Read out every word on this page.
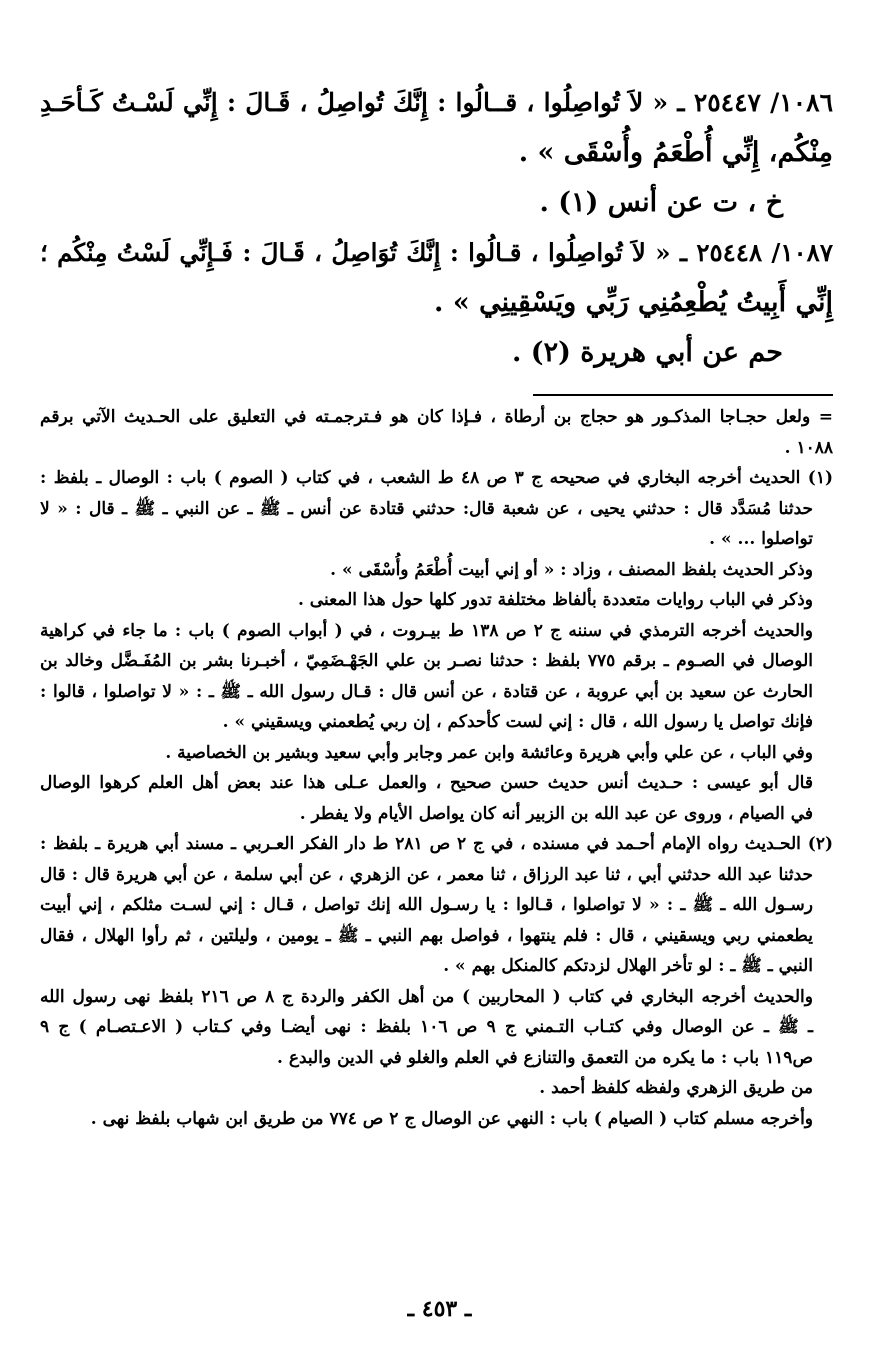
١٠٨٦/ ٢٥٤٤٧ ـ « لاَ تُواصِلُوا ، قــالُوا : إِنَّكَ تُواصِلُ ، قَـالَ : إِنِّي لَسْـتُ كَـأحَـدِ
مِنْكُم، إِنِّي أُطْعَمُ وأُسْقَى » .
خ ، ت عن أنس (١) .
١٠٨٧/ ٢٥٤٤٨ ـ « لاَ تُواصِلُوا ، قـالُوا : إِنَّكَ تُوَاصِلُ ، قَـالَ : فَـإِنِّي لَسْتُ مِنْكُم ؛
إِنِّي أَبِيتُ يُطْعِمُنِي رَبِّي ويَسْقِينِي » .
حم عن أبي هريرة (٢) .
= ولعل حجـاجا المذكـور هو حجاج بن أرطاة ، فـإذا كان هو فـترجمـته في التعليق على الحـديث الآتي برقم
١٠٨٨ .
(١) الحديث أخرجه البخاري في صحيحه ج ٣ ص ٤٨ ط الشعب ، في كتاب ( الصوم ) باب : الوصال ـ بلفظ :
حدثنا مُسَدَّد قال : حدثني يحيى ، عن شعبة قال: حدثني قتادة عن أنس ـ ﷺ ـ عن النبي ـ ﷺ ـ قال : « لا
تواصلوا ... » .
وذكر الحديث بلفظ المصنف ، وزاد : « أو إني أبيت أُطْعَمُ وأُسْقَى » .
وذكر في الباب روايات متعددة بألفاظ مختلفة تدور كلها حول هذا المعنى .
والحديث أخرجه الترمذي في سننه ج ٢ ص ١٣٨ ط بيـروت ، في ( أبواب الصوم ) باب : ما جاء في كراهية
الوصال في الصـوم ـ برقم ٧٧٥ بلفظ : حدثنا نصـر بن علي الجَهْـضَمِيّ ، أخبـرنا بشر بن المُفَـضَّل وخالد بن
الحارث عن سعيد بن أبي عروبة ، عن قتادة ، عن أنس قال : قـال رسول الله ـ ﷺ ـ : « لا تواصلوا ، قالوا :
فإنك تواصل يا رسول الله ، قال : إني لست كأحدكم ، إن ربي يُطعمني ويسقيني » .
وفي الباب ، عن علي وأبي هريرة وعائشة وابن عمر وجابر وأبي سعيد وبشير بن الخصاصية .
قال أبو عيسى : حـديث أنس حديث حسن صحيح ، والعمل عـلى هذا عند بعض أهل العلم كرهوا الوصال
في الصيام ، وروى عن عبد الله بن الزبير أنه كان يواصل الأيام ولا يفطر .
(٢) الحـديث رواه الإمام أحـمد في مسنده ، في ج ٢ ص ٢٨١ ط دار الفكر العـربي ـ مسند أبي هريرة ـ بلفظ :
حدثنا عبد الله حدثني أبي ، ثنا عبد الرزاق ، ثنا معمر ، عن الزهري ، عن أبي سلمة ، عن أبي هريرة قال : قال
رسـول الله ـ ﷺ ـ : « لا تواصلوا ، قـالوا : يا رسـول الله إنك تواصل ، قـال : إني لسـت مثلكم ، إني أبيت
يطعمني ربي ويسقيني ، قال : فلم ينتهوا ، فواصل بهم النبي ـ ﷺ ـ يومين ، وليلتين ، ثم رأوا الهلال ، فقال
النبي ـ ﷺ ـ : لو تأخر الهلال لزدتكم كالمنكل بهم » .
والحديث أخرجه البخاري في كتاب ( المحاربين ) من أهل الكفر والردة ج ٨ ص ٢١٦ بلفظ نهى رسول الله
ـ ﷺ ـ عن الوصال وفي كتـاب التـمني ج ٩ ص ١٠٦ بلفظ : نهى أيضـا وفي كـتاب ( الاعـتصـام ) ج ٩
ص١١٩ باب : ما يكره من التعمق والتنازع في العلم والغلو في الدين والبدع .
من طريق الزهري ولفظه كلفظ أحمد .
وأخرجه مسلم كتاب ( الصيام ) باب : النهي عن الوصال ج ٢ ص ٧٧٤ من طريق ابن شهاب بلفظ نهى .
ـ ٤٥٣ ـ
